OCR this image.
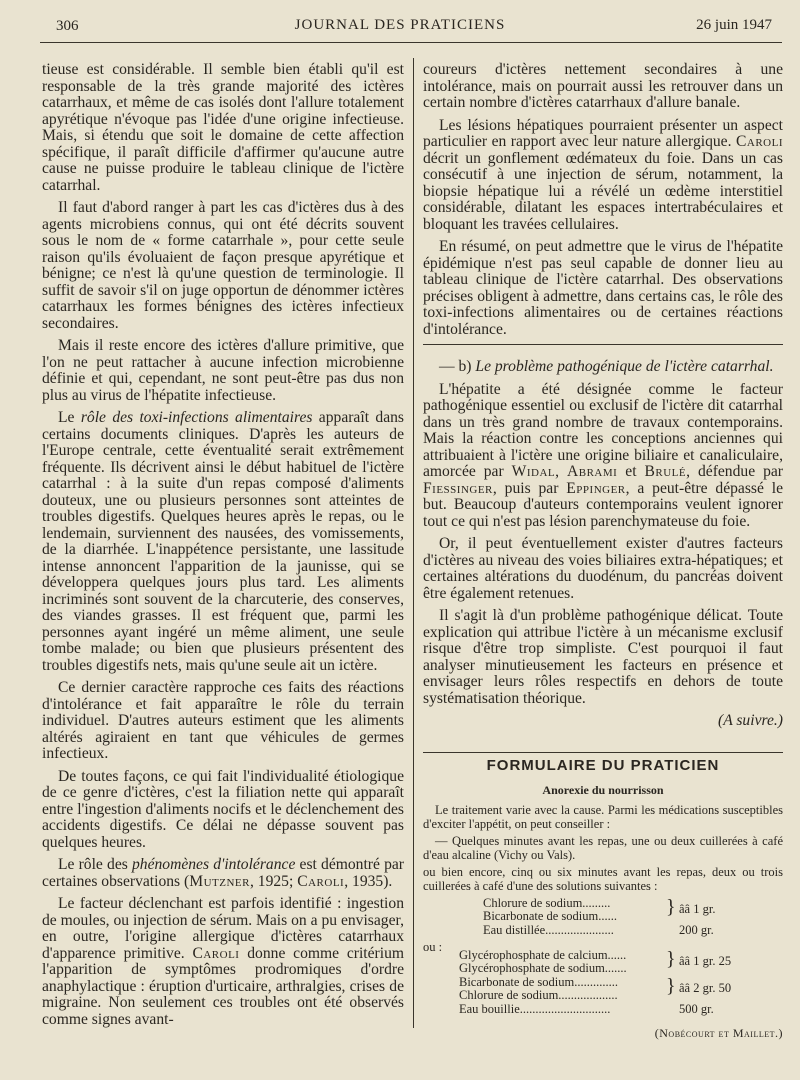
306	JOURNAL DES PRATICIENS	26 juin 1947

tieuse est considérable. Il semble bien établi qu'il est responsable de la très grande majorité des ictères catarrhaux, et même de cas isolés dont l'allure totalement apyrétique n'évoque pas l'idée d'une origine infectieuse. Mais, si étendu que soit le domaine de cette affection spécifique, il paraît difficile d'affirmer qu'aucune autre cause ne puisse produire le tableau clinique de l'ictère catarrhal.

Il faut d'abord ranger à part les cas d'ictères dus à des agents microbiens connus, qui ont été décrits souvent sous le nom de « forme catarrhale », pour cette seule raison qu'ils évoluaient de façon presque apyrétique et bénigne; ce n'est là qu'une question de terminologie. Il suffit de savoir s'il on juge opportun de dénommer ictères catarrhaux les formes bénignes des ictères infectieux secondaires.

Mais il reste encore des ictères d'allure primitive, que l'on ne peut rattacher à aucune infection microbienne définie et qui, cependant, ne sont peut-être pas dus non plus au virus de l'hépatite infectieuse.

Le rôle des toxi-infections alimentaires apparaît dans certains documents cliniques. D'après les auteurs de l'Europe centrale, cette éventualité serait extrêmement fréquente. Ils décrivent ainsi le début habituel de l'ictère catarrhal : à la suite d'un repas composé d'aliments douteux, une ou plusieurs personnes sont atteintes de troubles digestifs. Quelques heures après le repas, ou le lendemain, surviennent des nausées, des vomissements, de la diarrhée. L'inappétence persistante, une lassitude intense annoncent l'apparition de la jaunisse, qui se développera quelques jours plus tard. Les aliments incriminés sont souvent de la charcuterie, des conserves, des viandes grasses. Il est fréquent que, parmi les personnes ayant ingéré un même aliment, une seule tombe malade; ou bien que plusieurs présentent des troubles digestifs nets, mais qu'une seule ait un ictère.

Ce dernier caractère rapproche ces faits des réactions d'intolérance et fait apparaître le rôle du terrain individuel. D'autres auteurs estiment que les aliments altérés agiraient en tant que véhicules de germes infectieux.

De toutes façons, ce qui fait l'individualité étiologique de ce genre d'ictères, c'est la filiation nette qui apparaît entre l'ingestion d'aliments nocifs et le déclenchement des accidents digestifs. Ce délai ne dépasse souvent pas quelques heures.

Le rôle des phénomènes d'intolérance est démontré par certaines observations (Mutzner, 1925; Caroli, 1935).

Le facteur déclenchant est parfois identifié : ingestion de moules, ou injection de sérum. Mais on a pu envisager, en outre, l'origine allergique d'ictères catarrhaux d'apparence primitive. Caroli donne comme critérium l'apparition de symptômes prodromiques d'ordre anaphylactique : éruption d'urticaire, arthralgies, crises de migraine. Non seulement ces troubles ont été observés comme signes avant-

coureurs d'ictères nettement secondaires à une intolérance, mais on pourrait aussi les retrouver dans un certain nombre d'ictères catarrhaux d'allure banale.

Les lésions hépatiques pourraient présenter un aspect particulier en rapport avec leur nature allergique. Caroli décrit un gonflement œdémateux du foie. Dans un cas consécutif à une injection de sérum, notamment, la biopsie hépatique lui a révélé un œdème interstitiel considérable, dilatant les espaces intertrabéculaires et bloquant les travées cellulaires.

En résumé, on peut admettre que le virus de l'hépatite épidémique n'est pas seul capable de donner lieu au tableau clinique de l'ictère catarrhal. Des observations précises obligent à admettre, dans certains cas, le rôle des toxi-infections alimentaires ou de certaines réactions d'intolérance.

— b) Le problème pathogénique de l'ictère catarrhal.

L'hépatite a été désignée comme le facteur pathogénique essentiel ou exclusif de l'ictère dit catarrhal dans un très grand nombre de travaux contemporains. Mais la réaction contre les conceptions anciennes qui attribuaient à l'ictère une origine biliaire et canaliculaire, amorcée par Widal, Abrami et Brulé, défendue par Fiessinger, puis par Eppinger, a peut-être dépassé le but. Beaucoup d'auteurs contemporains veulent ignorer tout ce qui n'est pas lésion parenchymateuse du foie.

Or, il peut éventuellement exister d'autres facteurs d'ictères au niveau des voies biliaires extra-hépatiques; et certaines altérations du duodénum, du pancréas doivent être également retenues.

Il s'agit là d'un problème pathogénique délicat. Toute explication qui attribue l'ictère à un mécanisme exclusif risque d'être trop simpliste. C'est pourquoi il faut analyser minutieusement les facteurs en présence et envisager leurs rôles respectifs en dehors de toute systématisation théorique.

(A suivre.)

FORMULAIRE DU PRATICIEN
Anorexie du nourrisson

Le traitement varie avec la cause. Parmi les médications susceptibles d'exciter l'appétit, on peut conseiller :

— Quelques minutes avant les repas, une ou deux cuillerées à café d'eau alcaline (Vichy ou Vals).

ou bien encore, cinq ou six minutes avant les repas, deux ou trois cuillerées à café d'une des solutions suivantes :

Chlorure de sodium.........
Bicarbonate de sodium...... } ââ 1 gr.
Eau distillée......................	200 gr.
ou :
Glycérophosphate de calcium......
Glycérophosphate de sodium....... } ââ 1 gr. 25
Bicarbonate de sodium..............
Chlorure de sodium................... } ââ 2 gr. 50
Eau bouillie.............................	500 gr.
(Nobécourt et Maillet.)
